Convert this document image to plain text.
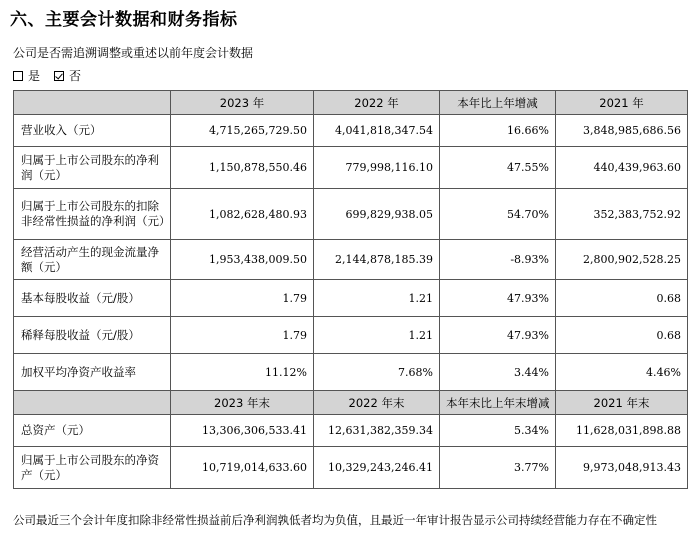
六、主要会计数据和财务指标
公司是否需追溯调整或重述以前年度会计数据
是 否
	2023 年	2022 年	本年比上年增减	2021 年
营业收入（元）	4,715,265,729.50	4,041,818,347.54	16.66%	3,848,985,686.56
归属于上市公司股东的净利润（元）	1,150,878,550.46	779,998,116.10	47.55%	440,439,963.60
归属于上市公司股东的扣除非经常性损益的净利润（元）	1,082,628,480.93	699,829,938.05	54.70%	352,383,752.92
经营活动产生的现金流量净额（元）	1,953,438,009.50	2,144,878,185.39	-8.93%	2,800,902,528.25
基本每股收益（元/股）	1.79	1.21	47.93%	0.68
稀释每股收益（元/股）	1.79	1.21	47.93%	0.68
加权平均净资产收益率	11.12%	7.68%	3.44%	4.46%
	2023 年末	2022 年末	本年末比上年末增减	2021 年末
总资产（元）	13,306,306,533.41	12,631,382,359.34	5.34%	11,628,031,898.88
归属于上市公司股东的净资产（元）	10,719,014,633.60	10,329,243,246.41	3.77%	9,973,048,913.43
公司最近三个会计年度扣除非经常性损益前后净利润孰低者均为负值，且最近一年审计报告显示公司持续经营能力存在不确定性
